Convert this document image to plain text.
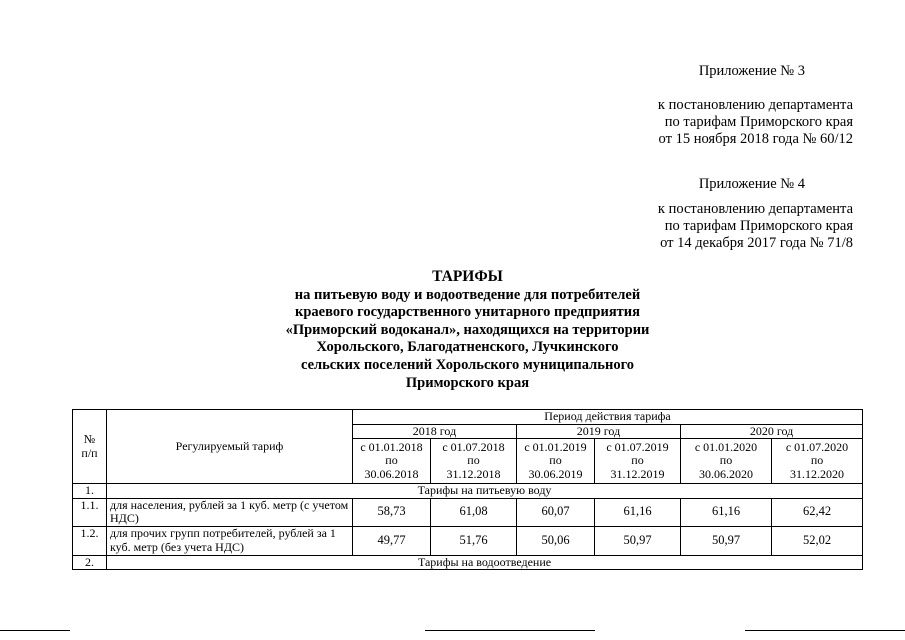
Приложение № 3
к постановлению департамента
по тарифам Приморского края
от 15 ноября 2018 года № 60/12
Приложение № 4
к постановлению департамента
по тарифам Приморского края
от 14 декабря 2017 года № 71/8
ТАРИФЫ
на питьевую воду и водоотведение для потребителей
краевого государственного унитарного предприятия
«Приморский водоканал», находящихся на территории
Хорольского, Благодатненского, Лучкинского
сельских поселений Хорольского муниципального
Приморского края
№
п/п	Регулируемый тариф	Период действия тарифа					
		2018 год		2019 год		2020 год	

		с 01.01.2018
по
30.06.2018	с 01.07.2018
по
31.12.2018	с 01.01.2019
по
30.06.2019	с 01.07.2019
по
31.12.2019	с 01.01.2020
по
30.06.2020	с 01.07.2020
по
31.12.2020

1.	Тарифы на питьевую воду						
1.1.	для населения, рублей за 1 куб. метр (с учетом НДС)	58,73	61,08	60,07	61,16	61,16	62,42
1.2.	для прочих групп потребителей, рублей за 1 куб. метр (без учета НДС)	49,77	51,76	50,06	50,97	50,97	52,02
2.	Тарифы на водоотведение						
